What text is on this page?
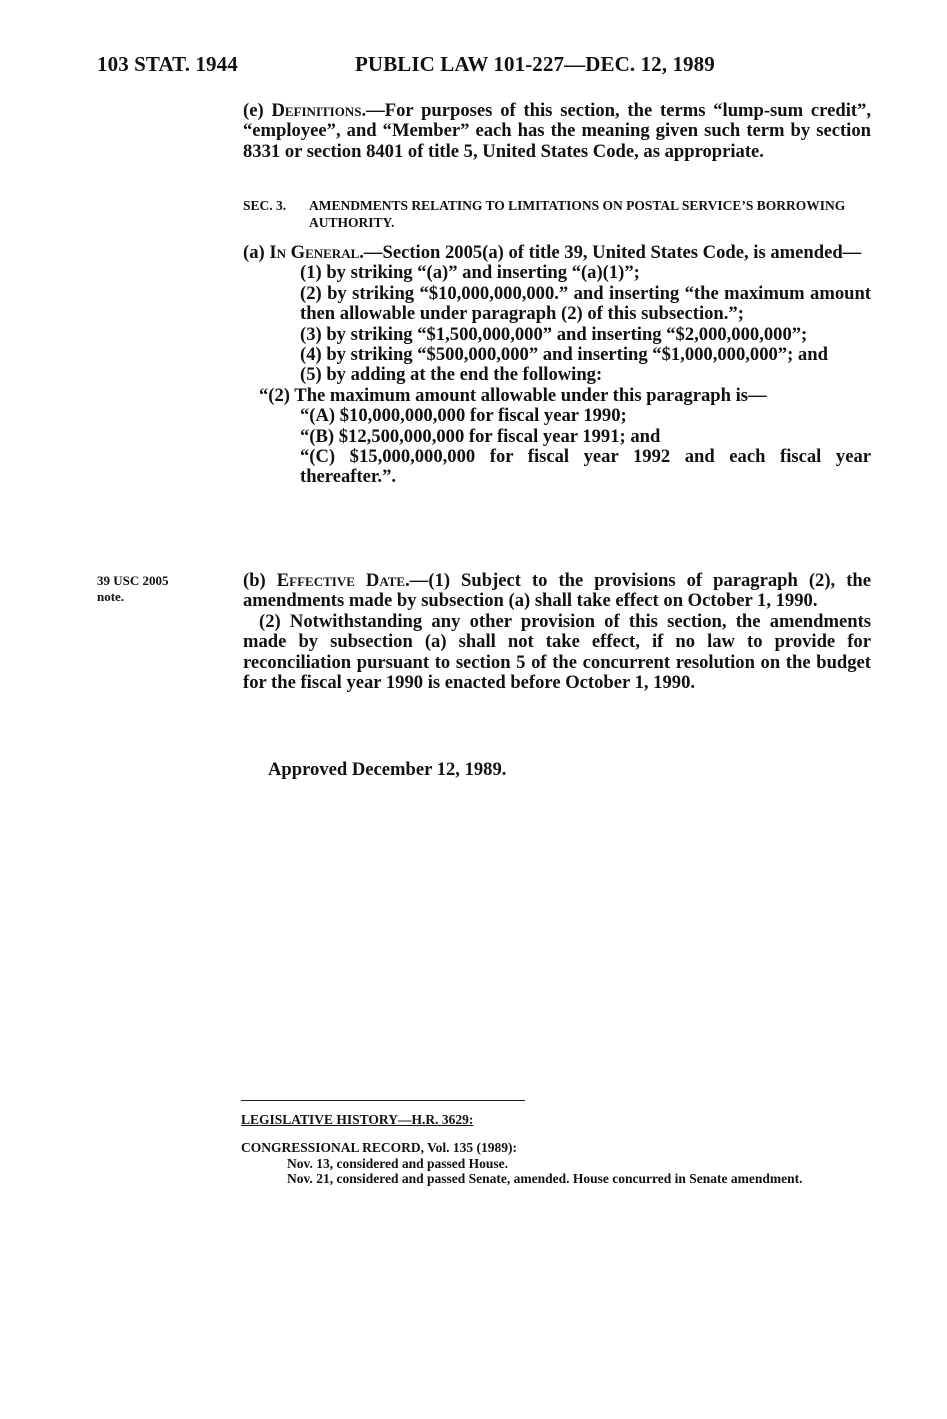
103 STAT. 1944	PUBLIC LAW 101-227—DEC. 12, 1989

(e) Definitions.—For purposes of this section, the terms “lump-sum credit”, “employee”, and “Member” each has the meaning given such term by section 8331 or section 8401 of title 5, United States Code, as appropriate.

SEC. 3. AMENDMENTS RELATING TO LIMITATIONS ON POSTAL SERVICE’S BORROWING AUTHORITY.

(a) In General.—Section 2005(a) of title 39, United States Code, is amended—

(1) by striking “(a)” and inserting “(a)(1)”;

(2) by striking “$10,000,000,000.” and inserting “the maximum amount then allowable under paragraph (2) of this subsection.”;

(3) by striking “$1,500,000,000” and inserting “$2,000,000,000”;

(4) by striking “$500,000,000” and inserting “$1,000,000,000”; and

(5) by adding at the end the following:

“(2) The maximum amount allowable under this paragraph is—

“(A) $10,000,000,000 for fiscal year 1990;

“(B) $12,500,000,000 for fiscal year 1991; and

“(C) $15,000,000,000 for fiscal year 1992 and each fiscal year thereafter.”.

39 USC 2005
note.

(b) Effective Date.—(1) Subject to the provisions of paragraph (2), the amendments made by subsection (a) shall take effect on October 1, 1990.

(2) Notwithstanding any other provision of this section, the amendments made by subsection (a) shall not take effect, if no law to provide for reconciliation pursuant to section 5 of the concurrent resolution on the budget for the fiscal year 1990 is enacted before October 1, 1990.

Approved December 12, 1989.
LEGISLATIVE HISTORY—H.R. 3629:
CONGRESSIONAL RECORD, Vol. 135 (1989):
Nov. 13, considered and passed House.
Nov. 21, considered and passed Senate, amended. House concurred in Senate amendment.
